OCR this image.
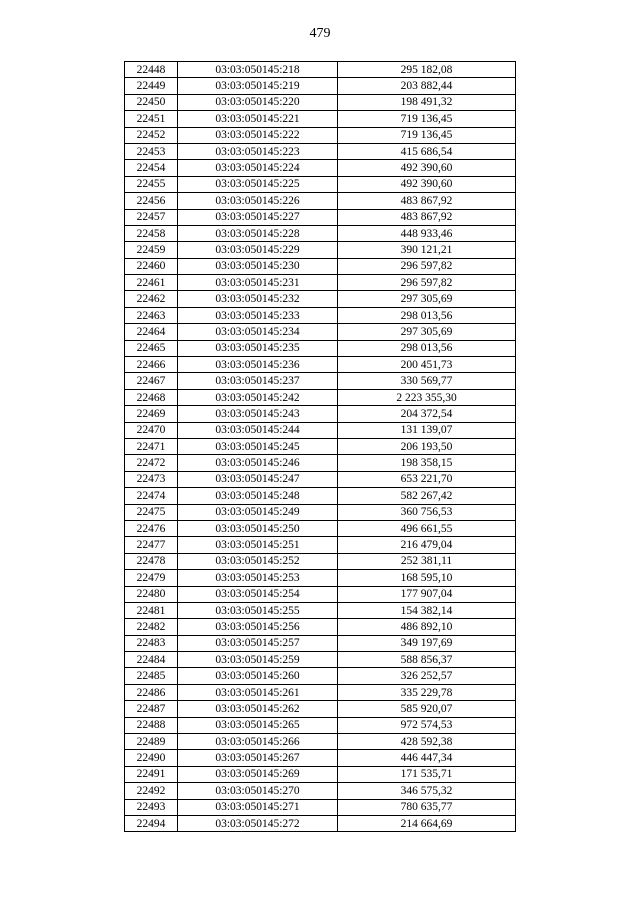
479
22448	03:03:050145:218	295 182,08
22449	03:03:050145:219	203 882,44
22450	03:03:050145:220	198 491,32
22451	03:03:050145:221	719 136,45
22452	03:03:050145:222	719 136,45
22453	03:03:050145:223	415 686,54
22454	03:03:050145:224	492 390,60
22455	03:03:050145:225	492 390,60
22456	03:03:050145:226	483 867,92
22457	03:03:050145:227	483 867,92
22458	03:03:050145:228	448 933,46
22459	03:03:050145:229	390 121,21
22460	03:03:050145:230	296 597,82
22461	03:03:050145:231	296 597,82
22462	03:03:050145:232	297 305,69
22463	03:03:050145:233	298 013,56
22464	03:03:050145:234	297 305,69
22465	03:03:050145:235	298 013,56
22466	03:03:050145:236	200 451,73
22467	03:03:050145:237	330 569,77
22468	03:03:050145:242	2 223 355,30
22469	03:03:050145:243	204 372,54
22470	03:03:050145:244	131 139,07
22471	03:03:050145:245	206 193,50
22472	03:03:050145:246	198 358,15
22473	03:03:050145:247	653 221,70
22474	03:03:050145:248	582 267,42
22475	03:03:050145:249	360 756,53
22476	03:03:050145:250	496 661,55
22477	03:03:050145:251	216 479,04
22478	03:03:050145:252	252 381,11
22479	03:03:050145:253	168 595,10
22480	03:03:050145:254	177 907,04
22481	03:03:050145:255	154 382,14
22482	03:03:050145:256	486 892,10
22483	03:03:050145:257	349 197,69
22484	03:03:050145:259	588 856,37
22485	03:03:050145:260	326 252,57
22486	03:03:050145:261	335 229,78
22487	03:03:050145:262	585 920,07
22488	03:03:050145:265	972 574,53
22489	03:03:050145:266	428 592,38
22490	03:03:050145:267	446 447,34
22491	03:03:050145:269	171 535,71
22492	03:03:050145:270	346 575,32
22493	03:03:050145:271	780 635,77
22494	03:03:050145:272	214 664,69
